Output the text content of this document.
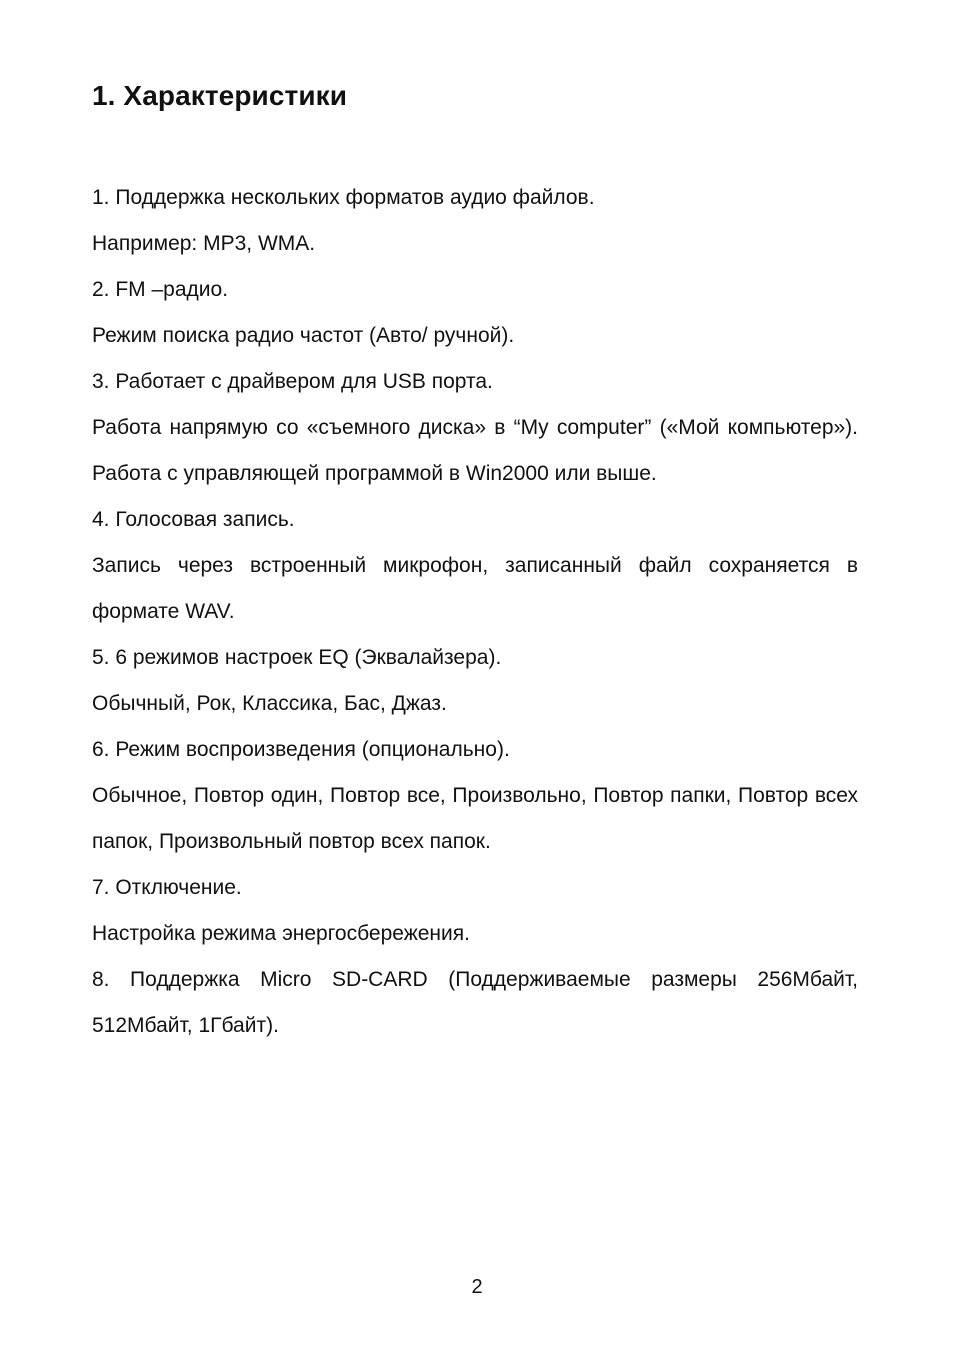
1. Характеристики

1. Поддержка нескольких форматов аудио файлов.

Например: MP3, WMA.

2. FM –радио.

Режим поиска радио частот (Авто/ ручной).

3. Работает с драйвером для USB порта.

Работа напрямую со «съемного диска» в “My computer” («Мой компьютер»). Работа с управляющей программой в Win2000 или выше.

4. Голосовая запись.

Запись через встроенный микрофон, записанный файл сохраняется в формате WAV.

5. 6 режимов настроек EQ (Эквалайзера).

Обычный, Рок, Классика, Бас, Джаз.

6. Режим воспроизведения (опционально).

Обычное, Повтор один, Повтор все, Произвольно, Повтор папки, Повтор всех папок, Произвольный повтор всех папок.

7. Отключение.

Настройка режима энергосбережения.

8. Поддержка Micro SD-CARD (Поддерживаемые размеры 256Мбайт, 512Мбайт, 1Гбайт).

2
